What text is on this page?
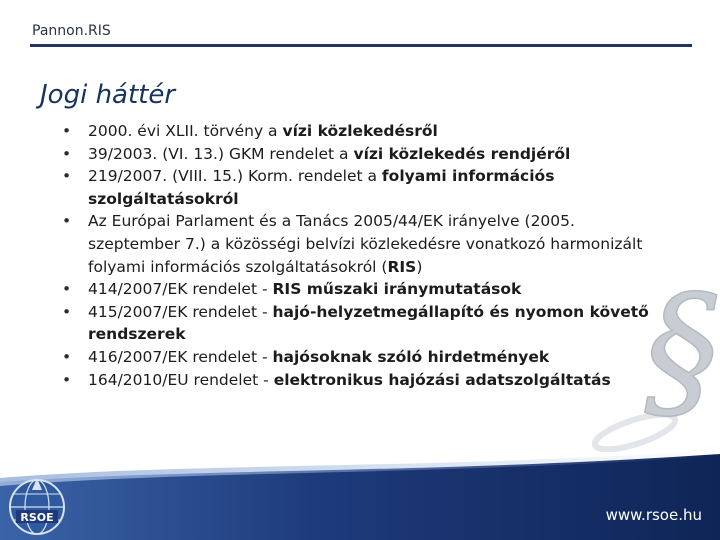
Pannon.RIS
Jogi háttér
§
• 2000. évi XLII. törvény a vízi közlekedésről
• 39/2003. (VI. 13.) GKM rendelet a vízi közlekedés rendjéről
• 219/2007. (VIII. 15.) Korm. rendelet a folyami információs szolgáltatásokról
• Az Európai Parlament és a Tanács 2005/44/EK irányelve (2005. szeptember 7.) a közösségi belvízi közlekedésre vonatkozó harmonizált folyami információs szolgáltatásokról (RIS)
• 414/2007/EK rendelet - RIS műszaki iránymutatások
• 415/2007/EK rendelet - hajó-helyzetmegállapító és nyomon követő rendszerek
• 416/2007/EK rendelet - hajósoknak szóló hirdetmények
• 164/2010/EU rendelet - elektronikus hajózási adatszolgáltatás
RSOE	www.rsoe.hu
